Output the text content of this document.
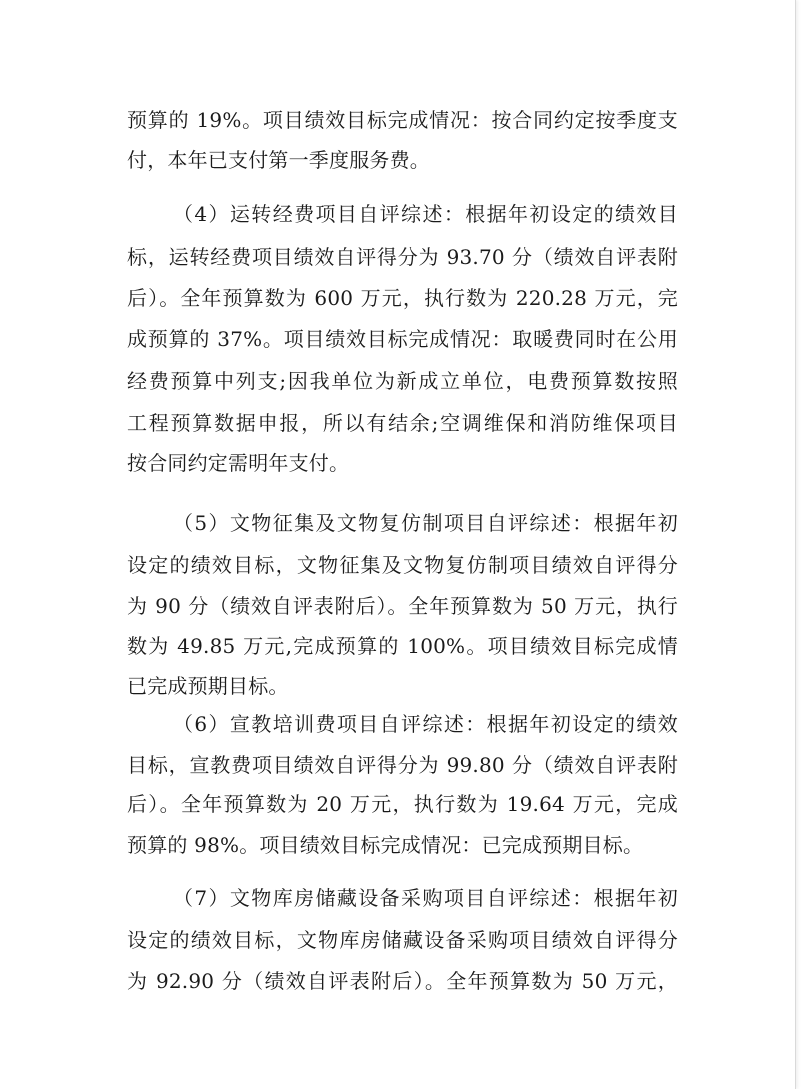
预算的 19%。项目绩效目标完成情况：按合同约定按季度支
付，本年已支付第一季度服务费。
（4）运转经费项目自评综述：根据年初设定的绩效目
标，运转经费项目绩效自评得分为 93.70 分（绩效自评表附
后）。全年预算数为 600 万元，执行数为 220.28 万元，完
成预算的 37%。项目绩效目标完成情况：取暖费同时在公用
经费预算中列支;因我单位为新成立单位，电费预算数按照
工程预算数据申报，所以有结余;空调维保和消防维保项目
按合同约定需明年支付。
（5）文物征集及文物复仿制项目自评综述：根据年初
设定的绩效目标，文物征集及文物复仿制项目绩效自评得分
为 90 分（绩效自评表附后）。全年预算数为 50 万元，执行
数为 49.85 万元,完成预算的 100%。项目绩效目标完成情
已完成预期目标。
（6）宣教培训费项目自评综述：根据年初设定的绩效
目标，宣教费项目绩效自评得分为 99.80 分（绩效自评表附
后）。全年预算数为 20 万元，执行数为 19.64 万元，完成
预算的 98%。项目绩效目标完成情况：已完成预期目标。
（7）文物库房储藏设备采购项目自评综述：根据年初
设定的绩效目标，文物库房储藏设备采购项目绩效自评得分
为 92.90 分（绩效自评表附后）。全年预算数为 50 万元，
